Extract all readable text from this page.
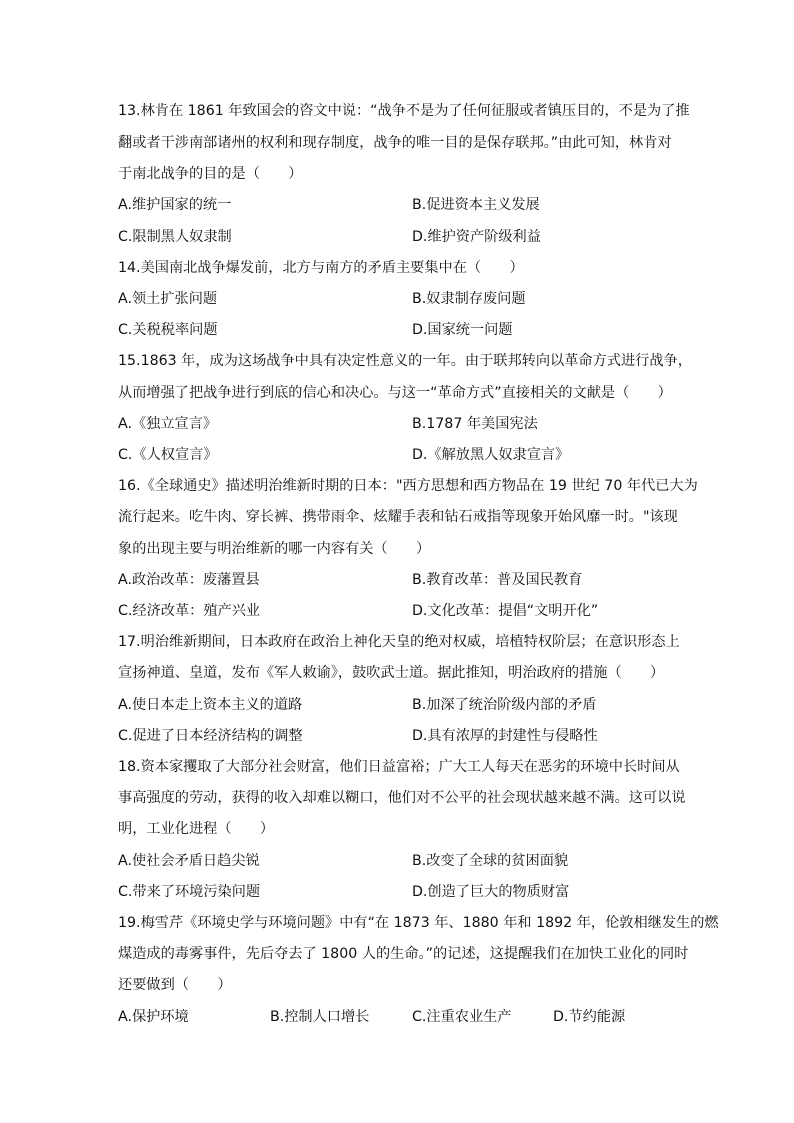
13.林肯在 1861 年致国会的咨文中说：“战争不是为了任何征服或者镇压目的，不是为了推
翻或者干涉南部诸州的权利和现存制度，战争的唯一目的是保存联邦。”由此可知，林肯对
于南北战争的目的是（　　）
A.维护国家的统一	B.促进资本主义发展
C.限制黑人奴隶制	D.维护资产阶级利益
14.美国南北战争爆发前，北方与南方的矛盾主要集中在（　　）
A.领土扩张问题	B.奴隶制存废问题
C.关税税率问题	D.国家统一问题
15.1863 年，成为这场战争中具有决定性意义的一年。由于联邦转向以革命方式进行战争，
从而增强了把战争进行到底的信心和决心。与这一“革命方式”直接相关的文献是（　　）
A.《独立宣言》	B.1787 年美国宪法
C.《人权宣言》	D.《解放黑人奴隶宣言》
16.《全球通史》描述明治维新时期的日本："西方思想和西方物品在 19 世纪 70 年代已大为
流行起来。吃牛肉、穿长裤、携带雨伞、炫耀手表和钻石戒指等现象开始风靡一时。"该现
象的出现主要与明治维新的哪一内容有关（　　）
A.政治改革：废藩置县	B.教育改革：普及国民教育
C.经济改革：殖产兴业	D.文化改革：提倡“文明开化”
17.明治维新期间，日本政府在政治上神化天皇的绝对权威，培植特权阶层；在意识形态上
宣扬神道、皇道，发布《军人敕谕》，鼓吹武士道。据此推知，明治政府的措施（　　）
A.使日本走上资本主义的道路	B.加深了统治阶级内部的矛盾
C.促进了日本经济结构的调整	D.具有浓厚的封建性与侵略性
18.资本家攫取了大部分社会财富，他们日益富裕；广大工人每天在恶劣的环境中长时间从
事高强度的劳动，获得的收入却难以糊口，他们对不公平的社会现状越来越不满。这可以说
明，工业化进程（　　）
A.使社会矛盾日趋尖锐	B.改变了全球的贫困面貌
C.带来了环境污染问题	D.创造了巨大的物质财富
19.梅雪芹《环境史学与环境问题》中有“在 1873 年、1880 年和 1892 年，伦敦相继发生的燃
煤造成的毒雾事件，先后夺去了 1800 人的生命。”的记述，这提醒我们在加快工业化的同时
还要做到（　　）
A.保护环境	B.控制人口增长	C.注重农业生产	D.节约能源
